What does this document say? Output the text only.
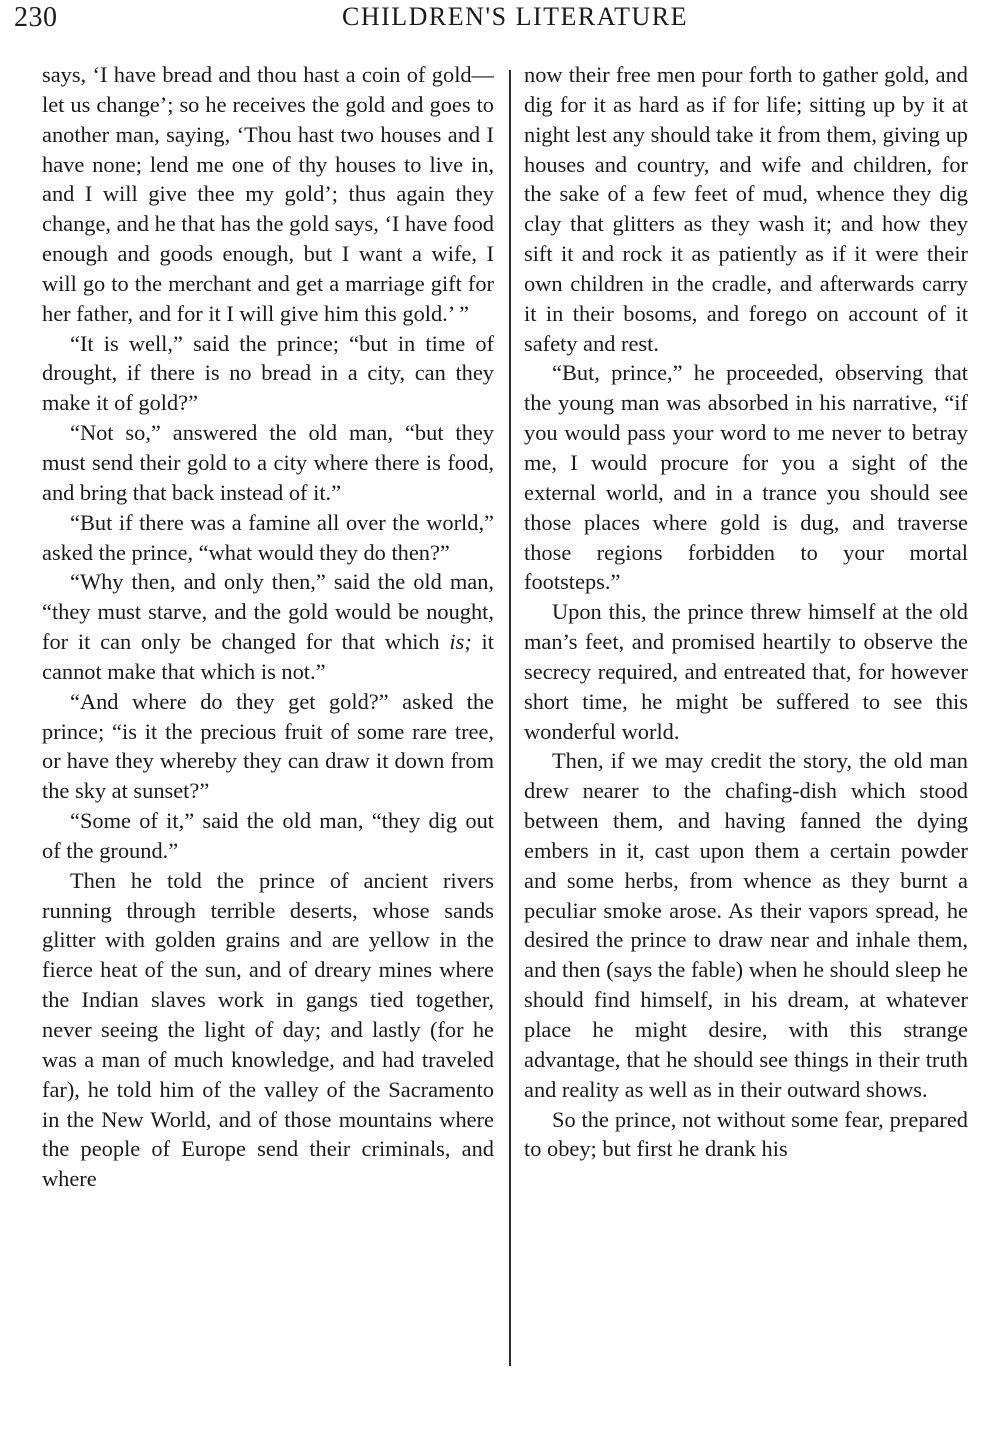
230	CHILDREN'S LITERATURE

says, ‘I have bread and thou hast a coin of gold—let us change’; so he receives the gold and goes to another man, saying, ‘Thou hast two houses and I have none; lend me one of thy houses to live in, and I will give thee my gold’; thus again they change, and he that has the gold says, ‘I have food enough and goods enough, but I want a wife, I will go to the merchant and get a marriage gift for her father, and for it I will give him this gold.’ ”

“It is well,” said the prince; “but in time of drought, if there is no bread in a city, can they make it of gold?”

“Not so,” answered the old man, “but they must send their gold to a city where there is food, and bring that back instead of it.”

“But if there was a famine all over the world,” asked the prince, “what would they do then?”

“Why then, and only then,” said the old man, “they must starve, and the gold would be nought, for it can only be changed for that which is; it cannot make that which is not.”

“And where do they get gold?” asked the prince; “is it the precious fruit of some rare tree, or have they whereby they can draw it down from the sky at sunset?”

“Some of it,” said the old man, “they dig out of the ground.”

Then he told the prince of ancient rivers running through terrible deserts, whose sands glitter with golden grains and are yellow in the fierce heat of the sun, and of dreary mines where the Indian slaves work in gangs tied together, never seeing the light of day; and lastly (for he was a man of much knowledge, and had traveled far), he told him of the valley of the Sacramento in the New World, and of those mountains where the people of Europe send their criminals, and where

now their free men pour forth to gather gold, and dig for it as hard as if for life; sitting up by it at night lest any should take it from them, giving up houses and country, and wife and children, for the sake of a few feet of mud, whence they dig clay that glitters as they wash it; and how they sift it and rock it as patiently as if it were their own children in the cradle, and afterwards carry it in their bosoms, and forego on account of it safety and rest.

“But, prince,” he proceeded, observing that the young man was absorbed in his narrative, “if you would pass your word to me never to betray me, I would procure for you a sight of the external world, and in a trance you should see those places where gold is dug, and traverse those regions forbidden to your mortal footsteps.”

Upon this, the prince threw himself at the old man’s feet, and promised heartily to observe the secrecy required, and entreated that, for however short time, he might be suffered to see this wonderful world.

Then, if we may credit the story, the old man drew nearer to the chafing-dish which stood between them, and having fanned the dying embers in it, cast upon them a certain powder and some herbs, from whence as they burnt a peculiar smoke arose. As their vapors spread, he desired the prince to draw near and inhale them, and then (says the fable) when he should sleep he should find himself, in his dream, at whatever place he might desire, with this strange advantage, that he should see things in their truth and reality as well as in their outward shows.

So the prince, not without some fear, prepared to obey; but first he drank his
